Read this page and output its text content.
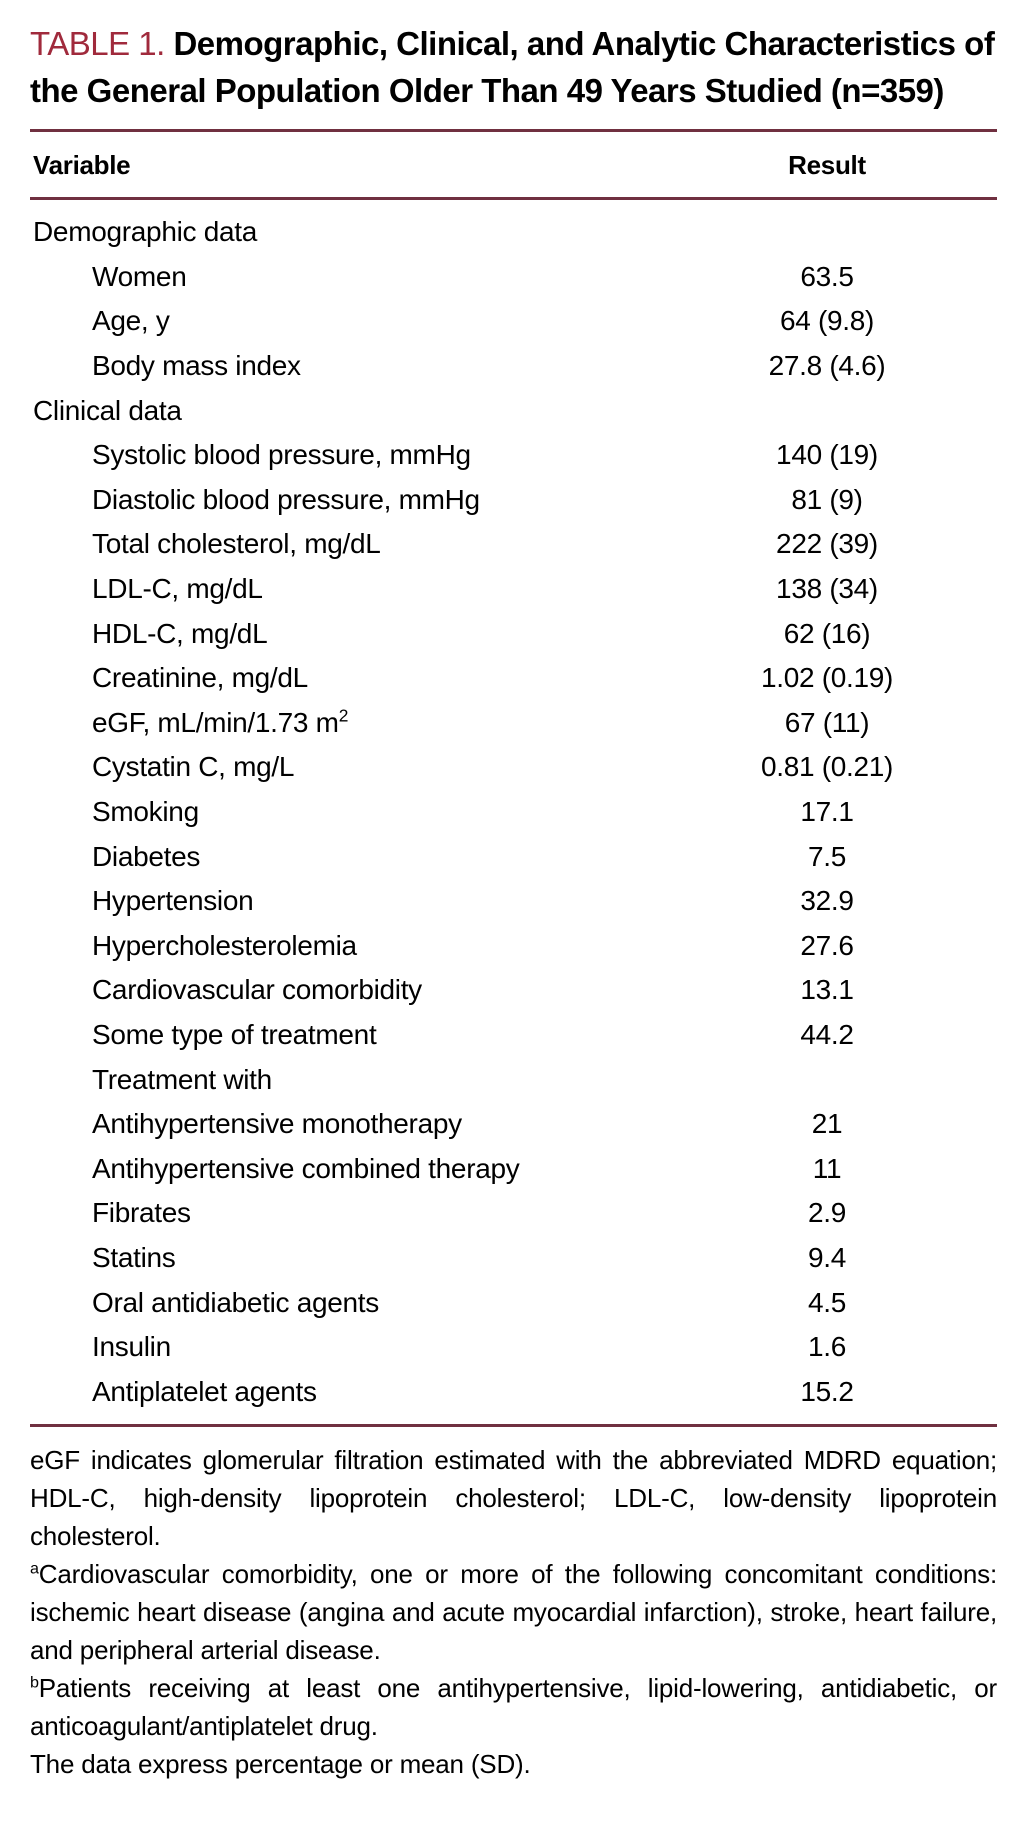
TABLE 1. Demographic, Clinical, and Analytic Characteristics of the General Population Older Than 49 Years Studied (n=359)
Variable	Result
Demographic data
Women	63.5
Age, y	64 (9.8)
Body mass index	27.8 (4.6)
Clinical data
Systolic blood pressure, mmHg	140 (19)
Diastolic blood pressure, mmHg	81 (9)
Total cholesterol, mg/dL	222 (39)
LDL-C, mg/dL	138 (34)
HDL-C, mg/dL	62 (16)
Creatinine, mg/dL	1.02 (0.19)
eGF, mL/min/1.73 $m^2$	67 (11)
Cystatin C, mg/L	0.81 (0.21)
Smoking	17.1
Diabetes	7.5
Hypertension	32.9
Hypercholesterolemia	27.6
Cardiovascular comorbidity	13.1
Some type of treatment	44.2
Treatment with
Antihypertensive monotherapy	21
Antihypertensive combined therapy	11
Fibrates	2.9
Statins	9.4
Oral antidiabetic agents	4.5
Insulin	1.6
Antiplatelet agents	15.2

eGF indicates glomerular filtration estimated with the abbreviated MDRD equation; HDL-C, high-density lipoprotein cholesterol; LDL-C, low-density lipoprotein cholesterol.

$^a$Cardiovascular comorbidity, one or more of the following concomitant conditions: ischemic heart disease (angina and acute myocardial infarction), stroke, heart failure, and peripheral arterial disease.

$^b$Patients receiving at least one antihypertensive, lipid-lowering, antidiabetic, or anticoagulant/antiplatelet drug.

The data express percentage or mean (SD).
